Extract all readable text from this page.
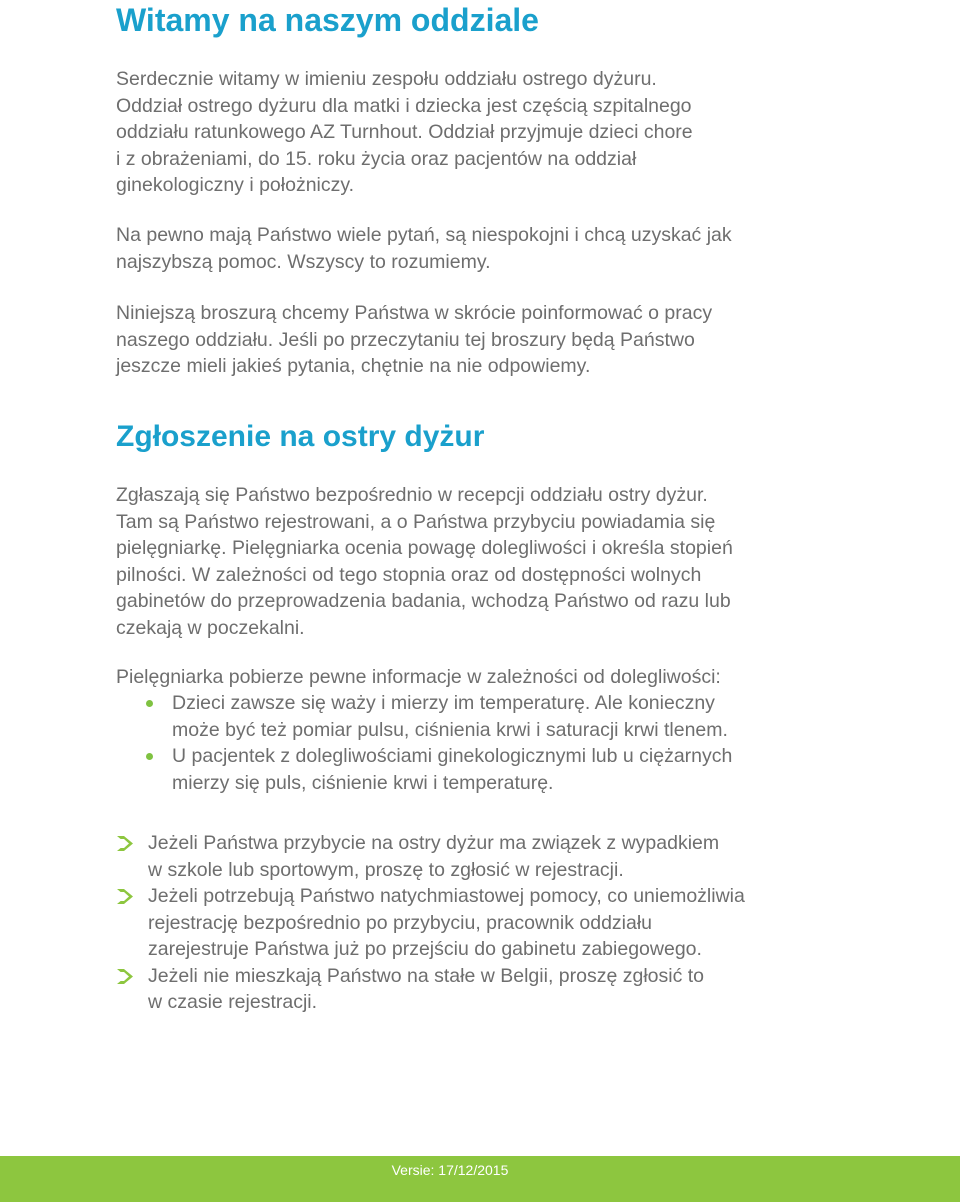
Witamy na naszym oddziale

Serdecznie witamy w imieniu zespołu oddziału ostrego dyżuru.
Oddział ostrego dyżuru dla matki i dziecka jest częścią szpitalnego
oddziału ratunkowego AZ Turnhout. Oddział przyjmuje dzieci chore
i z obrażeniami, do 15. roku życia oraz pacjentów na oddział
ginekologiczny i położniczy.

Na pewno mają Państwo wiele pytań, są niespokojni i chcą uzyskać jak
najszybszą pomoc. Wszyscy to rozumiemy.

Niniejszą broszurą chcemy Państwa w skrócie poinformować o pracy
naszego oddziału. Jeśli po przeczytaniu tej broszury będą Państwo
jeszcze mieli jakieś pytania, chętnie na nie odpowiemy.

Zgłoszenie na ostry dyżur

Zgłaszają się Państwo bezpośrednio w recepcji oddziału ostry dyżur.
Tam są Państwo rejestrowani, a o Państwa przybyciu powiadamia się
pielęgniarkę. Pielęgniarka ocenia powagę dolegliwości i określa stopień
pilności. W zależności od tego stopnia oraz od dostępności wolnych
gabinetów do przeprowadzenia badania, wchodzą Państwo od razu lub
czekają w poczekalni.

Pielęgniarka pobierze pewne informacje w zależności od dolegliwości:

Dzieci zawsze się waży i mierzy im temperaturę. Ale konieczny
może być też pomiar pulsu, ciśnienia krwi i saturacji krwi tlenem.
U pacjentek z dolegliwościami ginekologicznymi lub u ciężarnych
mierzy się puls, ciśnienie krwi i temperaturę.
Jeżeli Państwa przybycie na ostry dyżur ma związek z wypadkiem
w szkole lub sportowym, proszę to zgłosić w rejestracji.
Jeżeli potrzebują Państwo natychmiastowej pomocy, co uniemożliwia
rejestrację bezpośrednio po przybyciu, pracownik oddziału
zarejestruje Państwa już po przejściu do gabinetu zabiegowego.
Jeżeli nie mieszkają Państwo na stałe w Belgii, proszę zgłosić to
w czasie rejestracji.
Versie: 17/12/2015
